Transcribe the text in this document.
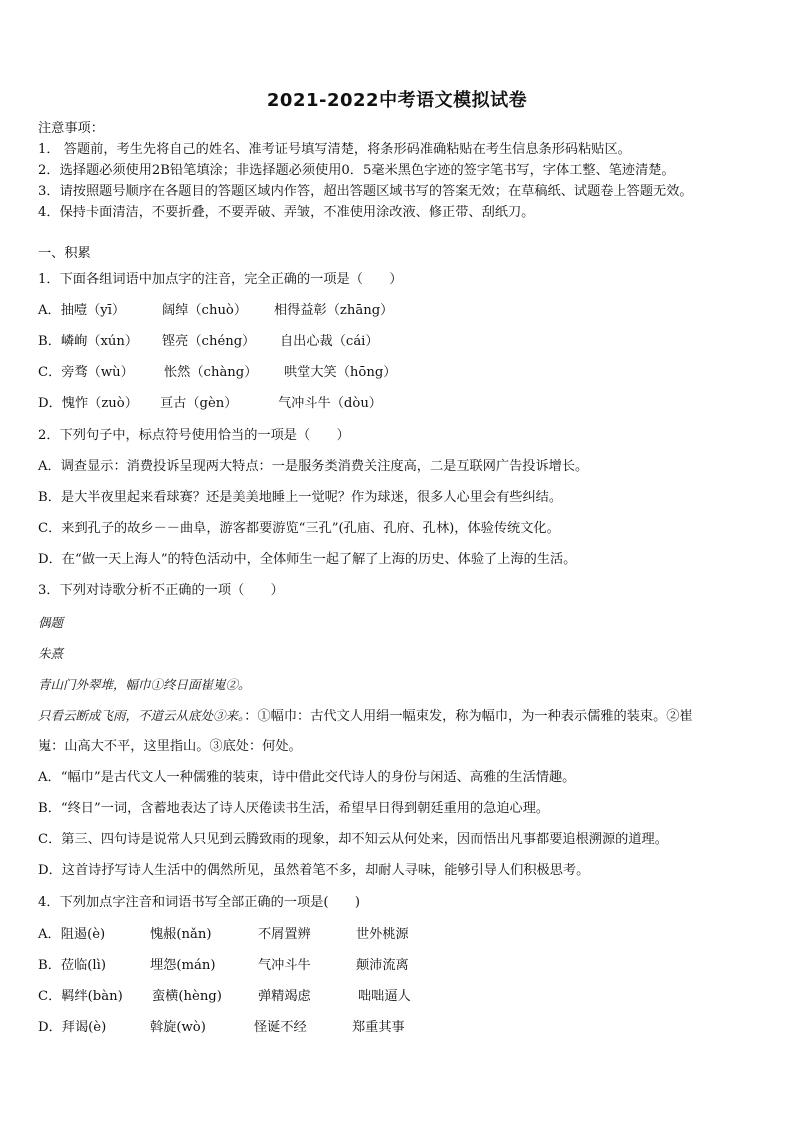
2021-2022中考语文模拟试卷
注意事项：
1． 答题前，考生先将自己的姓名、准考证号填写清楚，将条形码准确粘贴在考生信息条形码粘贴区。
2．选择题必须使用2B铅笔填涂；非选择题必须使用0．5毫米黑色字迹的签字笔书写，字体工整、笔迹清楚。
3．请按照题号顺序在各题目的答题区域内作答，超出答题区域书写的答案无效；在草稿纸、试题卷上答题无效。
4．保持卡面清洁，不要折叠，不要弄破、弄皱，不准使用涂改液、修正带、刮纸刀。
一、积累
1．下面各组词语中加点字的注音，完全正确的一项是（　　）
A．抽噎（yī）	阔绰（chuò） 相得益彰（zhāng）
B．嶙峋（xún） 铿亮（chéng） 自出心裁（cái）
C．旁骛（wù） 怅然（chàng） 哄堂大笑（hōng）
D．愧怍（zuò） 亘古（gèn）	气冲斗牛（dòu）
2．下列句子中，标点符号使用恰当的一项是（　　）
A．调查显示：消费投诉呈现两大特点：一是服务类消费关注度高，二是互联网广告投诉增长。
B．是大半夜里起来看球赛？还是美美地睡上一觉呢？作为球迷，很多人心里会有些纠结。
C．来到孔子的故乡－－曲阜，游客都要游览“三孔”(孔庙、孔府、孔林)，体验传统文化。
D．在“做一天上海人”的特色活动中，全体师生一起了解了上海的历史、体验了上海的生活。
3．下列对诗歌分析不正确的一项（　　）
偶题
朱熹
青山门外翠堆，幅巾①终日面崔嵬②。
只看云断成飞雨，不道云从底处③来。：①幅巾：古代文人用绢一幅束发，称为幅巾，为一种表示儒雅的装束。②崔
嵬：山高大不平，这里指山。③底处：何处。
A．“幅巾”是古代文人一种儒雅的装束，诗中借此交代诗人的身份与闲适、高雅的生活情趣。
B．“终日”一词，含蓄地表达了诗人厌倦读书生活，希望早日得到朝廷重用的急迫心理。
C．第三、四句诗是说常人只见到云腾致雨的现象，却不知云从何处来，因而悟出凡事都要追根溯源的道理。
D．这首诗抒写诗人生活中的偶然所见，虽然着笔不多，却耐人寻味，能够引导人们积极思考。
4．下列加点字注音和词语书写全部正确的一项是(　　)
A．阻遏(è)	愧赧(nǎn)	不屑置辨	世外桃源
B．莅临(lì)	埋怨(mán)	气冲斗牛	颠沛流离
C．羁绊(bàn) 蛮横(hèng)	弹精竭虑	咄咄逼人
D．拜谒(è)	斡旋(wò)	怪诞不经	郑重其事
